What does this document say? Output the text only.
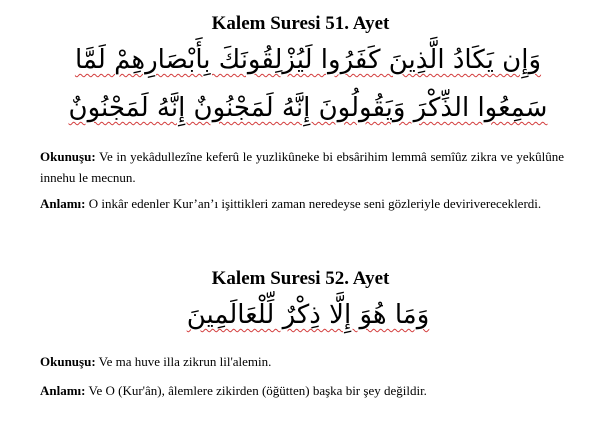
Kalem Suresi 51. Ayet
وَإِن يَكَادُ الَّذِينَ كَفَرُوا لَيُزْلِقُونَكَ بِأَبْصَارِهِمْ لَمَّا
سَمِعُوا الذِّكْرَ وَيَقُولُونَ إِنَّهُ لَمَجْنُونٌ إِنَّهُ لَمَجْنُونٌ
Okunuşu: Ve in yekâdullezîne keferû le yuzlikûneke bi ebsârihim lemmâ semîûz zikra ve yekûlûne innehu le mecnun.
Anlamı: O inkâr edenler Kur’an’ı işittikleri zaman neredeyse seni gözleriyle devirivereceklerdi.
Kalem Suresi 52. Ayet
وَمَا هُوَ إِلَّا ذِكْرٌ لِّلْعَالَمِينَ
Okunuşu: Ve ma huve illa zikrun lil'alemin.
Anlamı: Ve O (Kur'ân), âlemlere zikirden (öğütten) başka bir şey değildir.
